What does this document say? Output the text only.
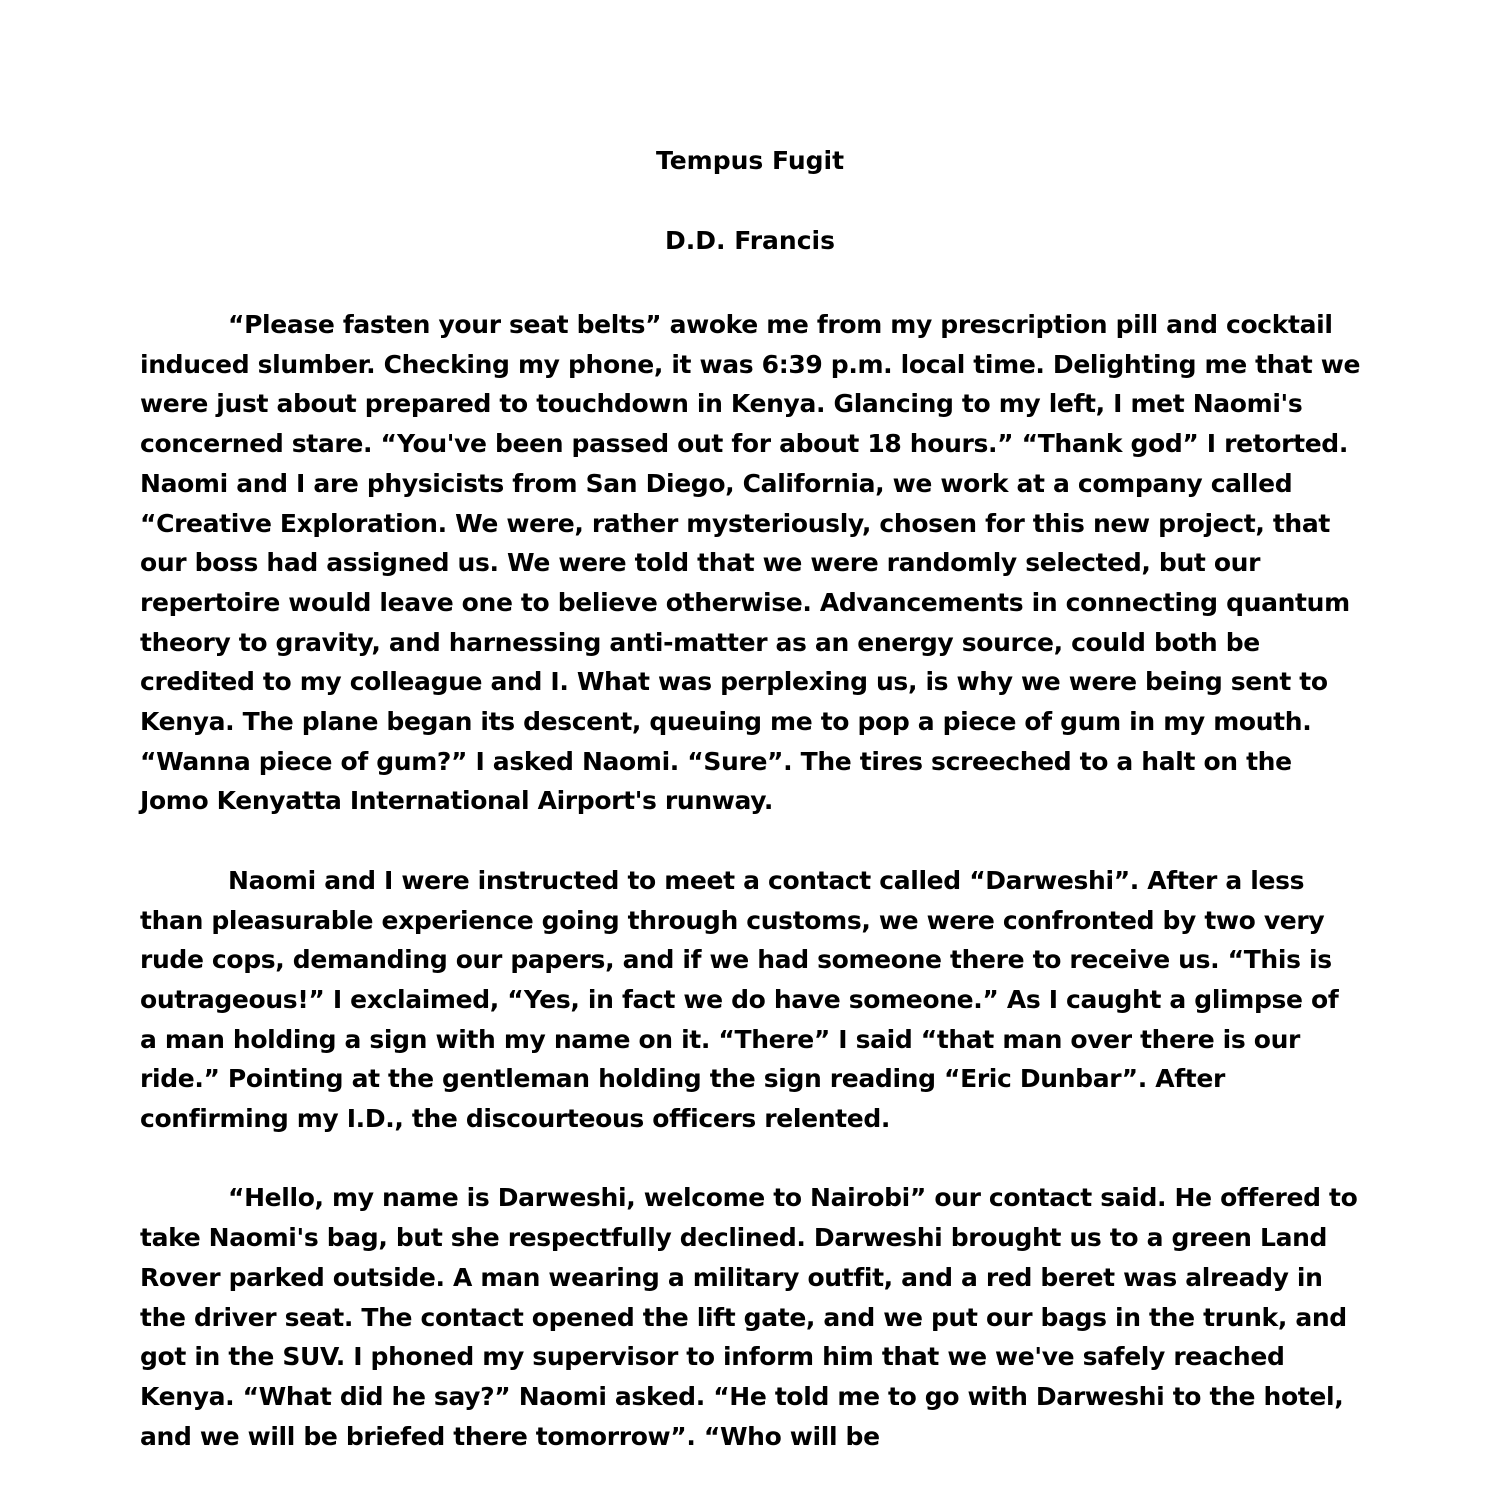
Tempus Fugit
D.D. Francis

“Please fasten your seat belts” awoke me from my prescription pill and cocktail induced slumber. Checking my phone, it was 6:39 p.m. local time. Delighting me that we were just about prepared to touchdown in Kenya. Glancing to my left, I met Naomi's concerned stare. “You've been passed out for about 18 hours.” “Thank god” I retorted. Naomi and I are physicists from San Diego, California, we work at a company called “Creative Exploration. We were, rather mysteriously, chosen for this new project, that our boss had assigned us. We were told that we were randomly selected, but our repertoire would leave one to believe otherwise. Advancements in connecting quantum theory to gravity, and harnessing anti-matter as an energy source, could both be credited to my colleague and I. What was perplexing us, is why we were being sent to Kenya. The plane began its descent, queuing me to pop a piece of gum in my mouth. “Wanna piece of gum?” I asked Naomi. “Sure”. The tires screeched to a halt on the Jomo Kenyatta International Airport's runway.

Naomi and I were instructed to meet a contact called “Darweshi”. After a less than pleasurable experience going through customs, we were confronted by two very rude cops, demanding our papers, and if we had someone there to receive us. “This is outrageous!” I exclaimed, “Yes, in fact we do have someone.” As I caught a glimpse of a man holding a sign with my name on it. “There” I said “that man over there is our ride.” Pointing at the gentleman holding the sign reading “Eric Dunbar”. After confirming my I.D., the discourteous officers relented.

“Hello, my name is Darweshi, welcome to Nairobi” our contact said. He offered to take Naomi's bag, but she respectfully declined. Darweshi brought us to a green Land Rover parked outside. A man wearing a military outfit, and a red beret was already in the driver seat. The contact opened the lift gate, and we put our bags in the trunk, and got in the SUV. I phoned my supervisor to inform him that we we've safely reached Kenya. “What did he say?” Naomi asked. “He told me to go with Darweshi to the hotel, and we will be briefed there tomorrow”. “Who will be
